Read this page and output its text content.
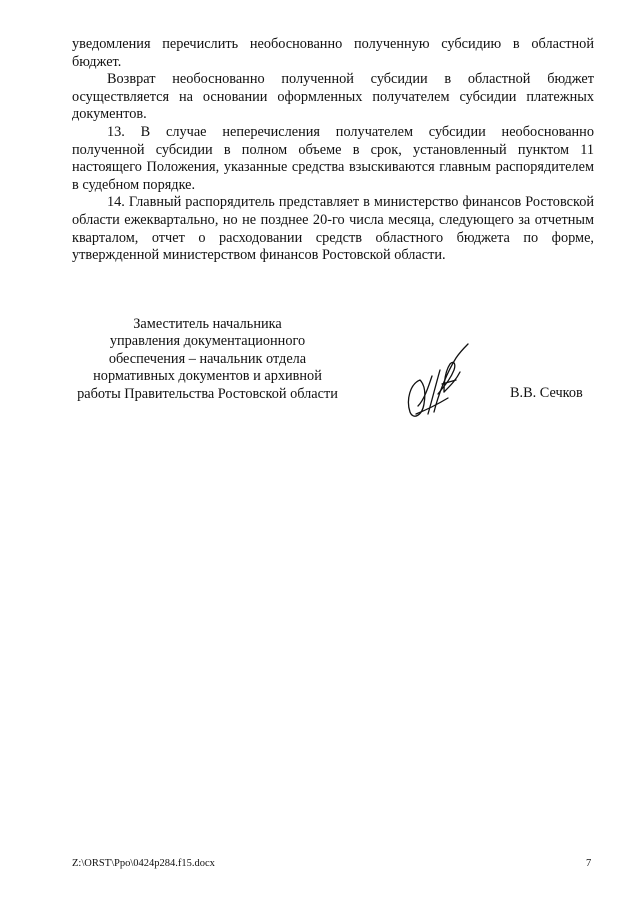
уведомления перечислить необоснованно полученную субсидию в областной бюджет.

Возврат необоснованно полученной субсидии в областной бюджет осуществляется на основании оформленных получателем субсидии платежных документов.

13. В случае неперечисления получателем субсидии необоснованно полученной субсидии в полном объеме в срок, установленный пунктом 11 настоящего Положения, указанные средства взыскиваются главным распорядителем в судебном порядке.

14. Главный распорядитель представляет в министерство финансов Ростовской области ежеквартально, но не позднее 20-го числа месяца, следующего за отчетным кварталом, отчет о расходовании средств областного бюджета по форме, утвержденной министерством финансов Ростовской области.

Заместитель начальника
управления документационного
обеспечения – начальник отдела
нормативных документов и архивной
работы Правительства Ростовской области	В.В. Сечков
Z:\ORST\Ppo\0424p284.f15.docx	7
